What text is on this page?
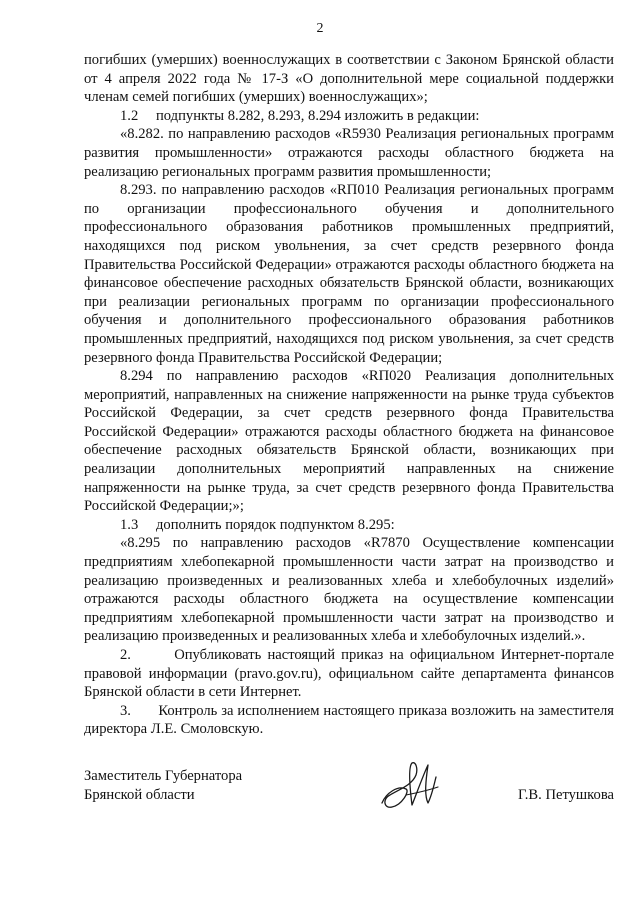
2

погибших (умерших) военнослужащих в соответствии с Законом Брянской области от 4 апреля 2022 года № 17-З «О дополнительной мере социальной поддержки членам семей погибших (умерших) военнослужащих»;

1.2	подпункты 8.282, 8.293, 8.294 изложить в редакции:

«8.282. по направлению расходов «R5930 Реализация региональных программ развития промышленности» отражаются расходы областного бюджета на реализацию региональных программ развития промышленности;

8.293. по направлению расходов «RП010 Реализация региональных программ по организации профессионального обучения и дополнительного профессионального образования работников промышленных предприятий, находящихся под риском увольнения, за счет средств резервного фонда Правительства Российской Федерации» отражаются расходы областного бюджета на финансовое обеспечение расходных обязательств Брянской области, возникающих при реализации региональных программ по организации профессионального обучения и дополнительного профессионального образования работников промышленных предприятий, находящихся под риском увольнения, за счет средств резервного фонда Правительства Российской Федерации;

8.294 по направлению расходов «RП020 Реализация дополнительных мероприятий, направленных на снижение напряженности на рынке труда субъектов Российской Федерации, за счет средств резервного фонда Правительства Российской Федерации» отражаются расходы областного бюджета на финансовое обеспечение расходных обязательств Брянской области, возникающих при реализации дополнительных мероприятий направленных на снижение напряженности на рынке труда, за счет средств резервного фонда Правительства Российской Федерации;»;

1.3	дополнить порядок подпунктом 8.295:

«8.295 по направлению расходов «R7870 Осуществление компенсации предприятиям хлебопекарной промышленности части затрат на производство и реализацию произведенных и реализованных хлеба и хлебобулочных изделий» отражаются расходы областного бюджета на осуществление компенсации предприятиям хлебопекарной промышленности части затрат на производство и реализацию произведенных и реализованных хлеба и хлебобулочных изделий.».

2.	Опубликовать настоящий приказ на официальном Интернет-портале правовой информации (pravo.gov.ru), официальном сайте департамента финансов Брянской области в сети Интернет.

3. Контроль за исполнением настоящего приказа возложить на заместителя директора Л.Е. Смоловскую.

Заместитель Губернатора
Брянской области	Г.В. Петушкова
